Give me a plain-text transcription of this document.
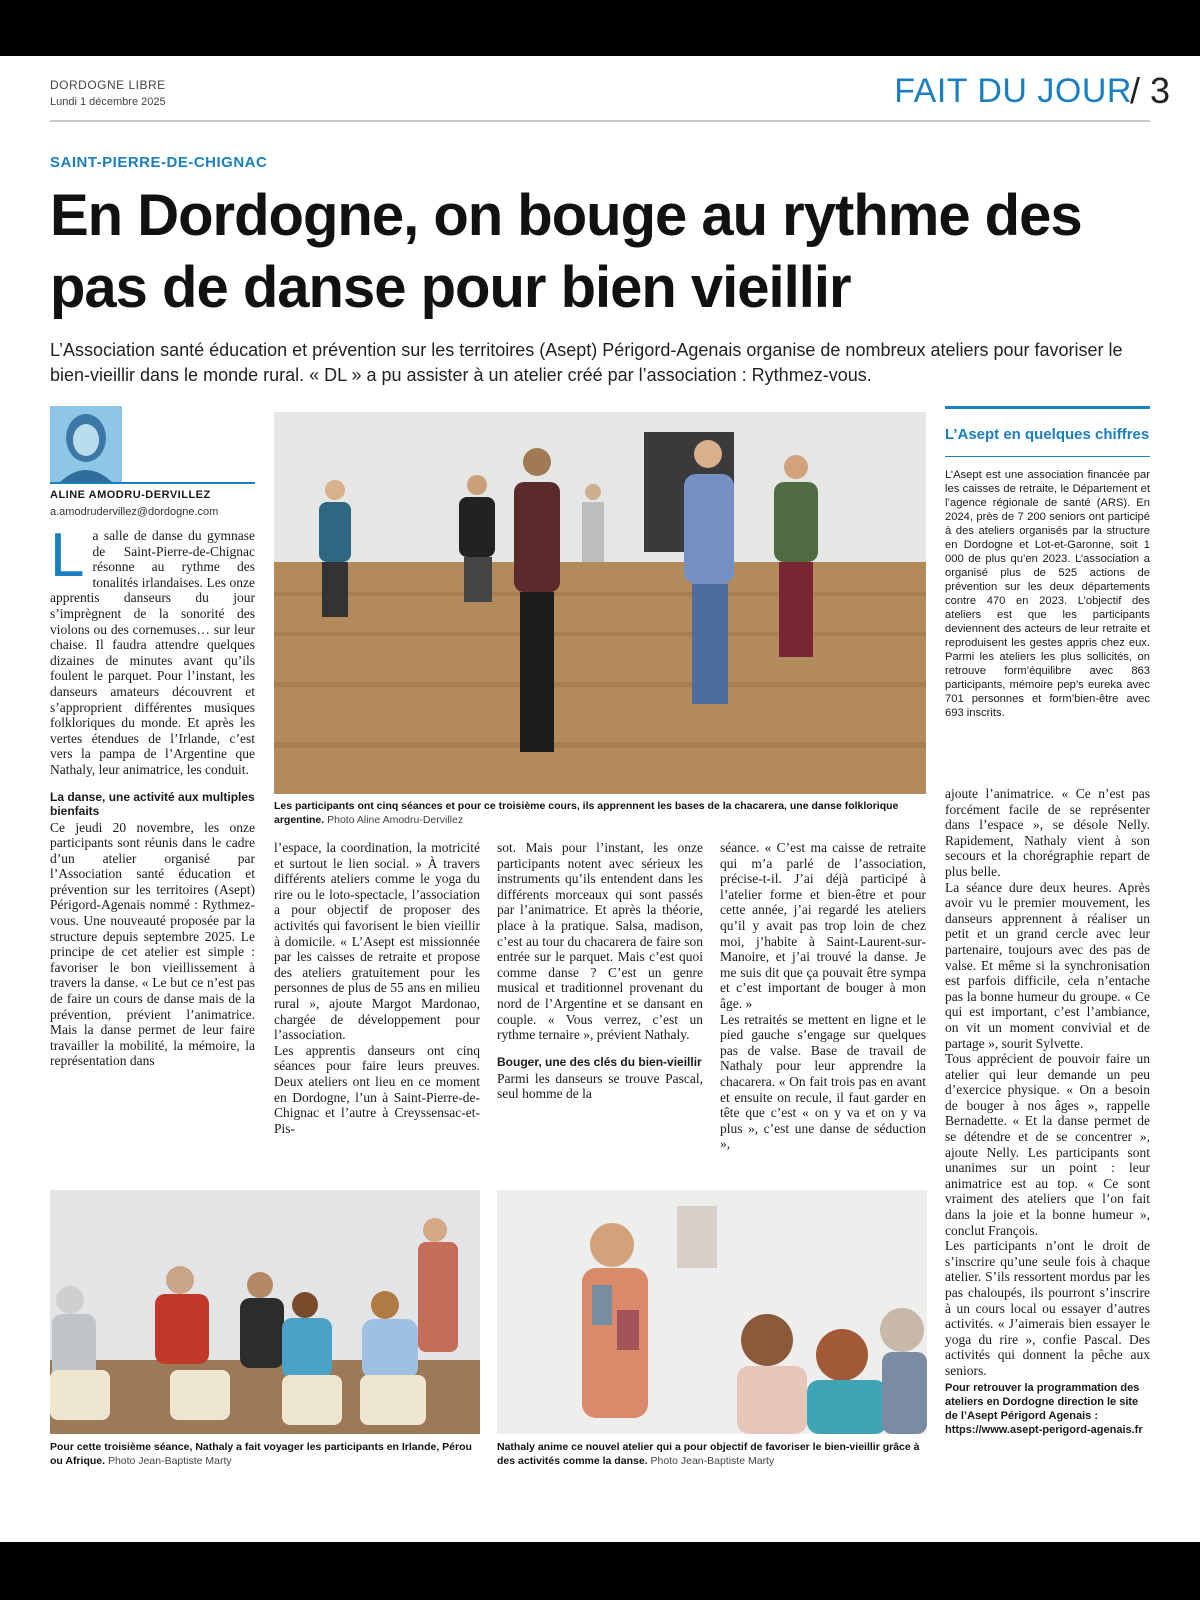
DORDOGNE LIBRE
Lundi 1 décembre 2025	FAIT DU JOUR
/ 3
SAINT-PIERRE-DE-CHIGNAC
En Dordogne, on bouge au rythme des pas de danse pour bien vieillir
L’Association santé éducation et prévention sur les territoires (Asept) Périgord-Agenais organise de nombreux ateliers pour favoriser le bien-vieillir dans le monde rural. « DL » a pu assister à un atelier créé par l’association : Rythmez-vous.
ALINE AMODRU-DERVILLEZ
a.amodrudervillez@dordogne.com

La salle de danse du gymnase de Saint-Pierre-de-Chignac résonne au rythme des tonalités irlandaises. Les onze apprentis danseurs du jour s’imprègnent de la sonorité des violons ou des cornemuses… sur leur chaise. Il faudra attendre quelques dizaines de minutes avant qu’ils foulent le parquet. Pour l’instant, les danseurs amateurs découvrent et s’approprient différentes musiques folkloriques du monde. Et après les vertes étendues de l’Irlande, c’est vers la pampa de l’Argentine que Nathaly, leur animatrice, les conduit.

La danse, une activité aux multiples bienfaits

Ce jeudi 20 novembre, les onze participants sont réunis dans le cadre d’un atelier organisé par l’Association santé éducation et prévention sur les territoires (Asept) Périgord-Agenais nommé : Rythmez-vous. Une nouveauté proposée par la structure depuis septembre 2025. Le principe de cet atelier est simple : favoriser le bon vieillissement à travers la danse. « Le but ce n’est pas de faire un cours de danse mais de la prévention, prévient l’animatrice. Mais la danse permet de leur faire travailler la mobilité, la mémoire, la représentation dans

Les participants ont cinq séances et pour ce troisième cours, ils apprennent les bases de la chacarera, une danse folklorique argentine. Photo Aline Amodru-Dervillez
L’Asept en quelques chiffres
L’Asept est une association financée par les caisses de retraite, le Département et l’agence régionale de santé (ARS). En 2024, près de 7 200 seniors ont participé à des ateliers organisés par la structure en Dordogne et Lot-et-Garonne, soit 1 000 de plus qu’en 2023. L’association a organisé plus de 525 actions de prévention sur les deux départements contre 470 en 2023. L’objectif des ateliers est que les participants deviennent des acteurs de leur retraite et reproduisent les gestes appris chez eux. Parmi les ateliers les plus sollicités, on retrouve form’équilibre avec 863 participants, mémoire pep’s eureka avec 701 personnes et form’bien-être avec 693 inscrits.

l’espace, la coordination, la motricité et surtout le lien social. » À travers différents ateliers comme le yoga du rire ou le loto-spectacle, l’association a pour objectif de proposer des activités qui favorisent le bien vieillir à domicile. « L’Asept est missionnée par les caisses de retraite et propose des ateliers gratuitement pour les personnes de plus de 55 ans en milieu rural », ajoute Margot Mardonao, chargée de développement pour l’association.

Les apprentis danseurs ont cinq séances pour faire leurs preuves. Deux ateliers ont lieu en ce moment en Dordogne, l’un à Saint-Pierre-de-Chignac et l’autre à Creyssensac-et-Pis-

sot. Mais pour l’instant, les onze participants notent avec sérieux les instruments qu’ils entendent dans les différents morceaux qui sont passés par l’animatrice. Et après la théorie, place à la pratique. Salsa, madison, c’est au tour du chacarera de faire son entrée sur le parquet. Mais c’est quoi comme danse ? C’est un genre musical et traditionnel provenant du nord de l’Argentine et se dansant en couple. « Vous verrez, c’est un rythme ternaire », prévient Nathaly.

Bouger, une des clés du bien-vieillir

Parmi les danseurs se trouve Pascal, seul homme de la

séance. « C’est ma caisse de retraite qui m’a parlé de l’association, précise-t-il. J’ai déjà participé à l’atelier forme et bien-être et pour cette année, j’ai regardé les ateliers qu’il y avait pas trop loin de chez moi, j’habite à Saint-Laurent-sur-Manoire, et j’ai trouvé la danse. Je me suis dit que ça pouvait être sympa et c’est important de bouger à mon âge. »

Les retraités se mettent en ligne et le pied gauche s’engage sur quelques pas de valse. Base de travail de Nathaly pour leur apprendre la chacarera. « On fait trois pas en avant et ensuite on recule, il faut garder en tête que c’est « on y va et on y va plus », c’est une danse de séduction »,

ajoute l’animatrice. « Ce n’est pas forcément facile de se représenter dans l’espace », se désole Nelly. Rapidement, Nathaly vient à son secours et la chorégraphie repart de plus belle.

La séance dure deux heures. Après avoir vu le premier mouvement, les danseurs apprennent à réaliser un petit et un grand cercle avec leur partenaire, toujours avec des pas de valse. Et même si la synchronisation est parfois difficile, cela n’entache pas la bonne humeur du groupe. « Ce qui est important, c’est l’ambiance, on vit un moment convivial et de partage », sourit Sylvette.

Tous apprécient de pouvoir faire un atelier qui leur demande un peu d’exercice physique. « On a besoin de bouger à nos âges », rappelle Bernadette. « Et la danse permet de se détendre et de se concentrer », ajoute Nelly. Les participants sont unanimes sur un point : leur animatrice est au top. « Ce sont vraiment des ateliers que l’on fait dans la joie et la bonne humeur », conclut François.

Les participants n’ont le droit de s’inscrire qu’une seule fois à chaque atelier. S’ils ressortent mordus par les pas chaloupés, ils pourront s’inscrire à un cours local ou essayer d’autres activités. « J’aimerais bien essayer le yoga du rire », confie Pascal. Des activités qui donnent la pêche aux seniors.

Pour retrouver la programmation des ateliers en Dordogne direction le site de l’Asept Périgord Agenais : https://www.asept-perigord-agenais.fr
Pour cette troisième séance, Nathaly a fait voyager les participants en Irlande, Pérou ou Afrique. Photo Jean-Baptiste Marty
Nathaly anime ce nouvel atelier qui a pour objectif de favoriser le bien-vieillir grâce à des activités comme la danse. Photo Jean-Baptiste Marty
